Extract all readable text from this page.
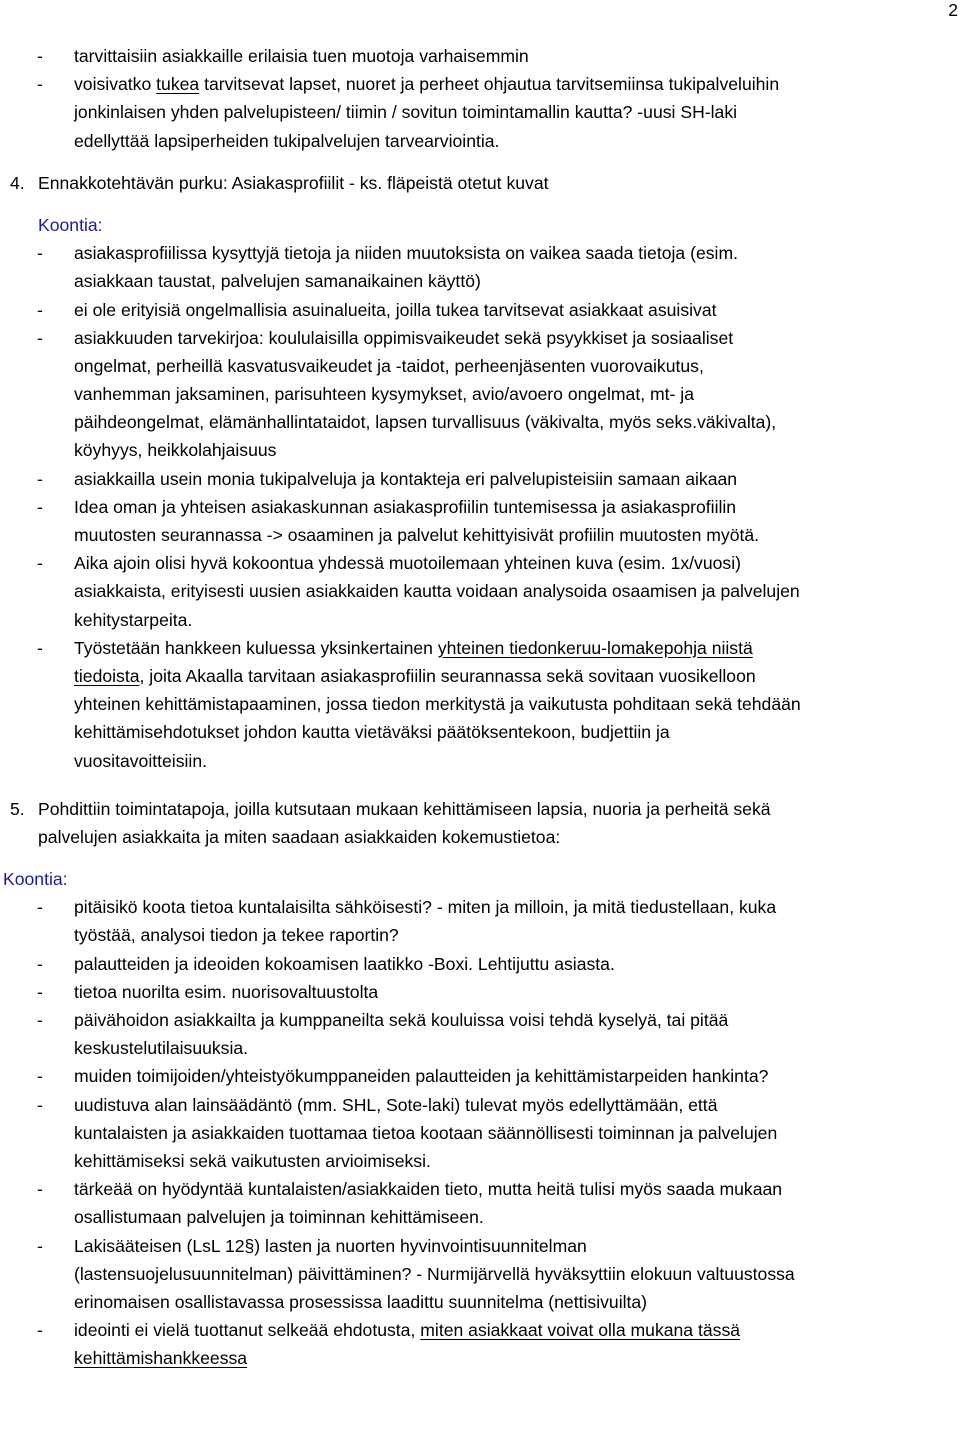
2
- tarvittaisiin asiakkaille erilaisia tuen muotoja varhaisemmin
- voisivatko tukea tarvitsevat lapset, nuoret ja perheet ohjautua tarvitsemiinsa tukipalveluihin
jonkinlaisen yhden palvelupisteen/ tiimin / sovitun toimintamallin kautta? -uusi SH-laki
edellyttää lapsiperheiden tukipalvelujen tarvearviointia.
4. Ennakkotehtävän purku: Asiakasprofiilit - ks. fläpeistä otetut kuvat
Koontia:
- asiakasprofiilissa kysyttyjä tietoja ja niiden muutoksista on vaikea saada tietoja (esim.
asiakkaan taustat, palvelujen samanaikainen käyttö)
- ei ole erityisiä ongelmallisia asuinalueita, joilla tukea tarvitsevat asiakkaat asuisivat
- asiakkuuden tarvekirjoa: koululaisilla oppimisvaikeudet sekä psyykkiset ja sosiaaliset
ongelmat, perheillä kasvatusvaikeudet ja -taidot, perheenjäsenten vuorovaikutus,
vanhemman jaksaminen, parisuhteen kysymykset, avio/avoero ongelmat, mt- ja
päihdeongelmat, elämänhallintataidot, lapsen turvallisuus (väkivalta, myös seks.väkivalta),
köyhyys, heikkolahjaisuus
- asiakkailla usein monia tukipalveluja ja kontakteja eri palvelupisteisiin samaan aikaan
- Idea oman ja yhteisen asiakaskunnan asiakasprofiilin tuntemisessa ja asiakasprofiilin
muutosten seurannassa -> osaaminen ja palvelut kehittyisivät profiilin muutosten myötä.
- Aika ajoin olisi hyvä kokoontua yhdessä muotoilemaan yhteinen kuva (esim. 1x/vuosi)
asiakkaista, erityisesti uusien asiakkaiden kautta voidaan analysoida osaamisen ja palvelujen
kehitystarpeita.
- Työstetään hankkeen kuluessa yksinkertainen yhteinen tiedonkeruu-lomakepohja niistä
tiedoista, joita Akaalla tarvitaan asiakasprofiilin seurannassa sekä sovitaan vuosikelloon
yhteinen kehittämistapaaminen, jossa tiedon merkitystä ja vaikutusta pohditaan sekä tehdään
kehittämisehdotukset johdon kautta vietäväksi päätöksentekoon, budjettiin ja
vuositavoitteisiin.
5. Pohdittiin toimintatapoja, joilla kutsutaan mukaan kehittämiseen lapsia, nuoria ja perheitä sekä
palvelujen asiakkaita ja miten saadaan asiakkaiden kokemustietoa:
Koontia:
- pitäisikö koota tietoa kuntalaisilta sähköisesti? - miten ja milloin, ja mitä tiedustellaan, kuka
työstää, analysoi tiedon ja tekee raportin?
- palautteiden ja ideoiden kokoamisen laatikko -Boxi. Lehtijuttu asiasta.
- tietoa nuorilta esim. nuorisovaltuustolta
- päivähoidon asiakkailta ja kumppaneilta sekä kouluissa voisi tehdä kyselyä, tai pitää
keskustelutilaisuuksia.
- muiden toimijoiden/yhteistyökumppaneiden palautteiden ja kehittämistarpeiden hankinta?
- uudistuva alan lainsäädäntö (mm. SHL, Sote-laki) tulevat myös edellyttämään, että
kuntalaisten ja asiakkaiden tuottamaa tietoa kootaan säännöllisesti toiminnan ja palvelujen
kehittämiseksi sekä vaikutusten arvioimiseksi.
- tärkeää on hyödyntää kuntalaisten/asiakkaiden tieto, mutta heitä tulisi myös saada mukaan
osallistumaan palvelujen ja toiminnan kehittämiseen.
- Lakisääteisen (LsL 12§) lasten ja nuorten hyvinvointisuunnitelman
(lastensuojelusuunnitelman) päivittäminen? - Nurmijärvellä hyväksyttiin elokuun valtuustossa
erinomaisen osallistavassa prosessissa laadittu suunnitelma (nettisivuilta)
- ideointi ei vielä tuottanut selkeää ehdotusta, miten asiakkaat voivat olla mukana tässä
kehittämishankkeessa
